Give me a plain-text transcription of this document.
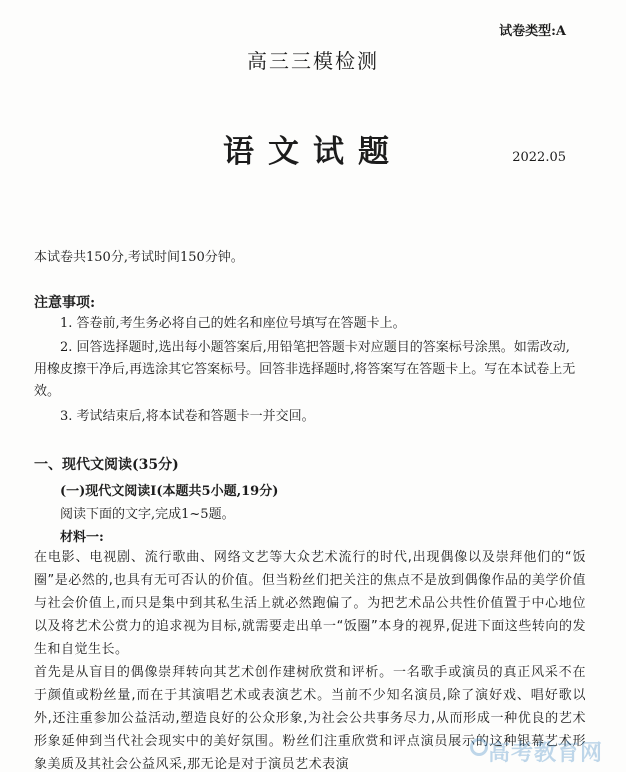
试卷类型:A
高三三模检测
语文试题	2022.05
本试卷共150分,考试时间150分钟。
注意事项:
1. 答卷前,考生务必将自己的姓名和座位号填写在答题卡上。
2. 回答选择题时,选出每小题答案后,用铅笔把答题卡对应题目的答案标号涂黑。如需改动,用橡皮擦干净后,再选涂其它答案标号。回答非选择题时,将答案写在答题卡上。写在本试卷上无效。
3. 考试结束后,将本试卷和答题卡一并交回。
一、现代文阅读(35分)
(一)现代文阅读Ⅰ(本题共5小题,19分)
阅读下面的文字,完成1~5题。
材料一:
在电影、电视剧、流行歌曲、网络文艺等大众艺术流行的时代,出现偶像以及崇拜他们的“饭圈”是必然的,也具有无可否认的价值。但当粉丝们把关注的焦点不是放到偶像作品的美学价值与社会价值上,而只是集中到其私生活上就必然跑偏了。为把艺术品公共性价值置于中心地位以及将艺术公赏力的追求视为目标,就需要走出单一“饭圈”本身的视界,促进下面这些转向的发生和自觉生长。
首先是从盲目的偶像崇拜转向其艺术创作建树欣赏和评析。一名歌手或演员的真正风采不在于颜值或粉丝量,而在于其演唱艺术或表演艺术。当前不少知名演员,除了演好戏、唱好歌以外,还注重参加公益活动,塑造良好的公众形象,为社会公共事务尽力,从而形成一种优良的艺术形象延伸到当代社会现实中的美好氛围。粉丝们注重欣赏和评点演员展示的这种银幕艺术形象美质及其社会公益风采,那无论是对于演员艺术表演	高考教育网
